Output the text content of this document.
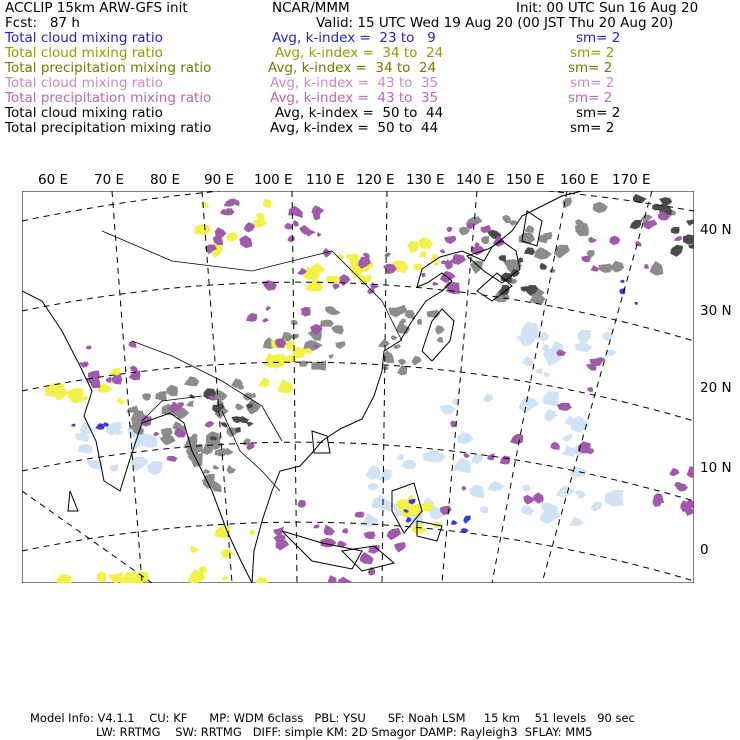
ACCLIP 15km ARW-GFS init	NCAR/MMM	Init: 00 UTC Sun 16 Aug 20
Fcst:   87 h	Valid: 15 UTC Wed 19 Aug 20 (00 JST Thu 20 Aug 20)
Total cloud mixing ratio	Avg, k-index =  23 to   9	sm= 2
Total cloud mixing ratio	Avg, k-index =  34 to  24	sm= 2
Total precipitation mixing ratio	Avg, k-index =  34 to  24	sm= 2
Total cloud mixing ratio	Avg, k-index =  43 to  35	sm= 2
Total precipitation mixing ratio	Avg, k-index =  43 to  35	sm= 2
Total cloud mixing ratio	Avg, k-index =  50 to  44	sm= 2
Total precipitation mixing ratio	Avg, k-index =  50 to  44	sm= 2
60 E 70 E 80 E 90 E 100 E 110 E 120 E 130 E 140 E 150 E 160 E 170 E
40 N
30 N
20 N
10 N
0
Model Info: V4.1.1    CU: KF      MP: WDM 6class   PBL: YSU      SF: Noah LSM     15 km    51 levels   90 sec
LW: RRTMG    SW: RRTMG   DIFF: simple KM: 2D Smagor DAMP: Rayleigh3  SFLAY: MM5
